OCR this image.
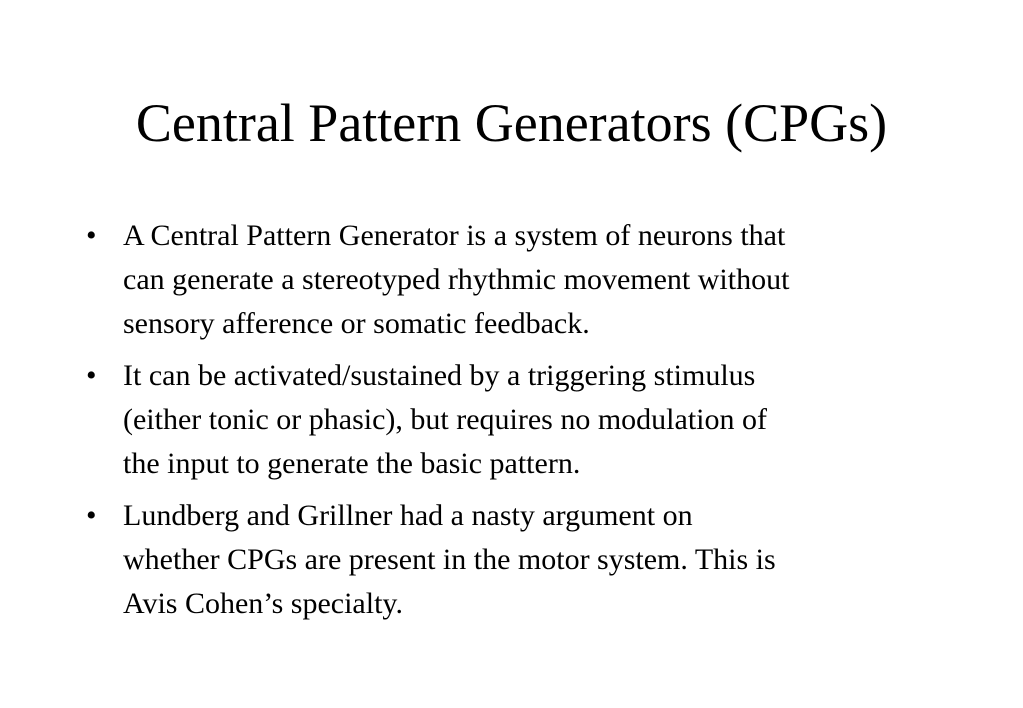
Central Pattern Generators (CPGs)
• A Central Pattern Generator is a system of neurons that
can generate a stereotyped rhythmic movement without
sensory afference or somatic feedback.
• It can be activated/sustained by a triggering stimulus
(either tonic or phasic), but requires no modulation of
the input to generate the basic pattern.
• Lundberg and Grillner had a nasty argument on
whether CPGs are present in the motor system. This is
Avis Cohen’s specialty.
